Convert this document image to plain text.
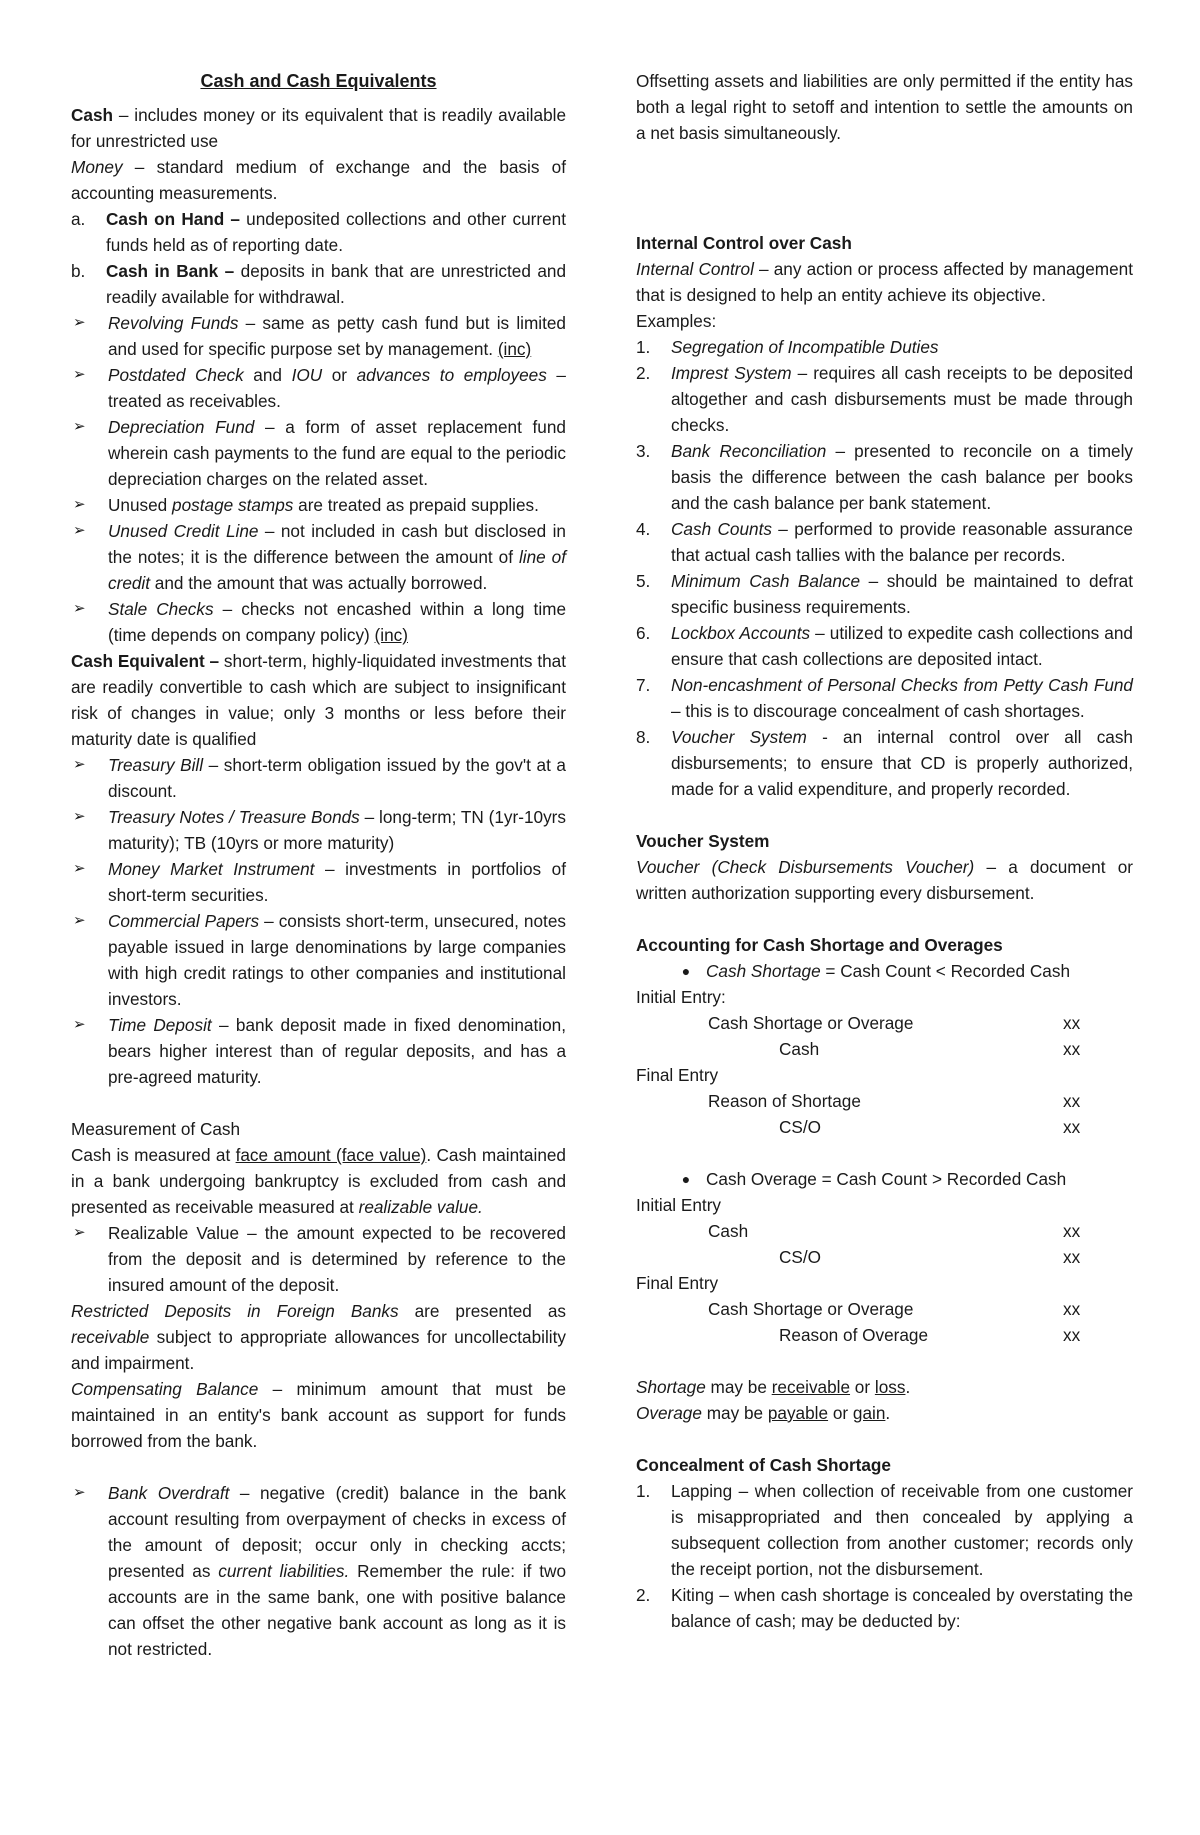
Cash and Cash Equivalents

Cash – includes money or its equivalent that is readily available for unrestricted use

Money – standard medium of exchange and the basis of accounting measurements.

a.	Cash on Hand – undeposited collections and other current funds held as of reporting date.
b.	Cash in Bank – deposits in bank that are unrestricted and readily available for withdrawal.
➢	Revolving Funds – same as petty cash fund but is limited and used for specific purpose set by management. (inc)
➢	Postdated Check and IOU or advances to employees – treated as receivables.
➢	Depreciation Fund – a form of asset replacement fund wherein cash payments to the fund are equal to the periodic depreciation charges on the related asset.
➢	Unused postage stamps are treated as prepaid supplies.
➢	Unused Credit Line – not included in cash but disclosed in the notes; it is the difference between the amount of line of credit and the amount that was actually borrowed.
➢	Stale Checks – checks not encashed within a long time (time depends on company policy) (inc)

Cash Equivalent – short-term, highly-liquidated investments that are readily convertible to cash which are subject to insignificant risk of changes in value; only 3 months or less before their maturity date is qualified

➢	Treasury Bill – short-term obligation issued by the gov't at a discount.
➢	Treasury Notes / Treasure Bonds – long-term; TN (1yr-10yrs maturity); TB (10yrs or more maturity)
➢	Money Market Instrument – investments in portfolios of short-term securities.
➢	Commercial Papers – consists short-term, unsecured, notes payable issued in large denominations by large companies with high credit ratings to other companies and institutional investors.
➢	Time Deposit – bank deposit made in fixed denomination, bears higher interest than of regular deposits, and has a pre-agreed maturity.

Measurement of Cash

Cash is measured at face amount (face value). Cash maintained in a bank undergoing bankruptcy is excluded from cash and presented as receivable measured at realizable value.

➢	Realizable Value – the amount expected to be recovered from the deposit and is determined by reference to the insured amount of the deposit.

Restricted Deposits in Foreign Banks are presented as receivable subject to appropriate allowances for uncollectability and impairment.

Compensating Balance – minimum amount that must be maintained in an entity's bank account as support for funds borrowed from the bank.

➢	Bank Overdraft – negative (credit) balance in the bank account resulting from overpayment of checks in excess of the amount of deposit; occur only in checking accts; presented as current liabilities. Remember the rule: if two accounts are in the same bank, one with positive balance can offset the other negative bank account as long as it is not restricted.

Offsetting assets and liabilities are only permitted if the entity has both a legal right to setoff and intention to settle the amounts on a net basis simultaneously.

Internal Control over Cash

Internal Control – any action or process affected by management that is designed to help an entity achieve its objective.

Examples:

1.	Segregation of Incompatible Duties
2.	Imprest System – requires all cash receipts to be deposited altogether and cash disbursements must be made through checks.
3.	Bank Reconciliation – presented to reconcile on a timely basis the difference between the cash balance per books and the cash balance per bank statement.
4.	Cash Counts – performed to provide reasonable assurance that actual cash tallies with the balance per records.
5.	Minimum Cash Balance – should be maintained to defrat specific business requirements.
6.	Lockbox Accounts – utilized to expedite cash collections and ensure that cash collections are deposited intact.
7.	Non-encashment of Personal Checks from Petty Cash Fund – this is to discourage concealment of cash shortages.
8.	Voucher System - an internal control over all cash disbursements; to ensure that CD is properly authorized, made for a valid expenditure, and properly recorded.

Voucher System

Voucher (Check Disbursements Voucher) – a document or written authorization supporting every disbursement.

Accounting for Cash Shortage and Overages

● Cash Shortage = Cash Count < Recorded Cash

Initial Entry:

Cash Shortage or Overage	xx
Cash	xx

Final Entry

Reason of Shortage	xx
CS/O	xx
● Cash Overage = Cash Count > Recorded Cash

Initial Entry

Cash	xx
CS/O	xx

Final Entry

Cash Shortage or Overage	xx
Reason of Overage	xx

Shortage may be receivable or loss.

Overage may be payable or gain.

Concealment of Cash Shortage

1.	Lapping – when collection of receivable from one customer is misappropriated and then concealed by applying a subsequent collection from another customer; records only the receipt portion, not the disbursement.
2.	Kiting – when cash shortage is concealed by overstating the balance of cash; may be deducted by:
